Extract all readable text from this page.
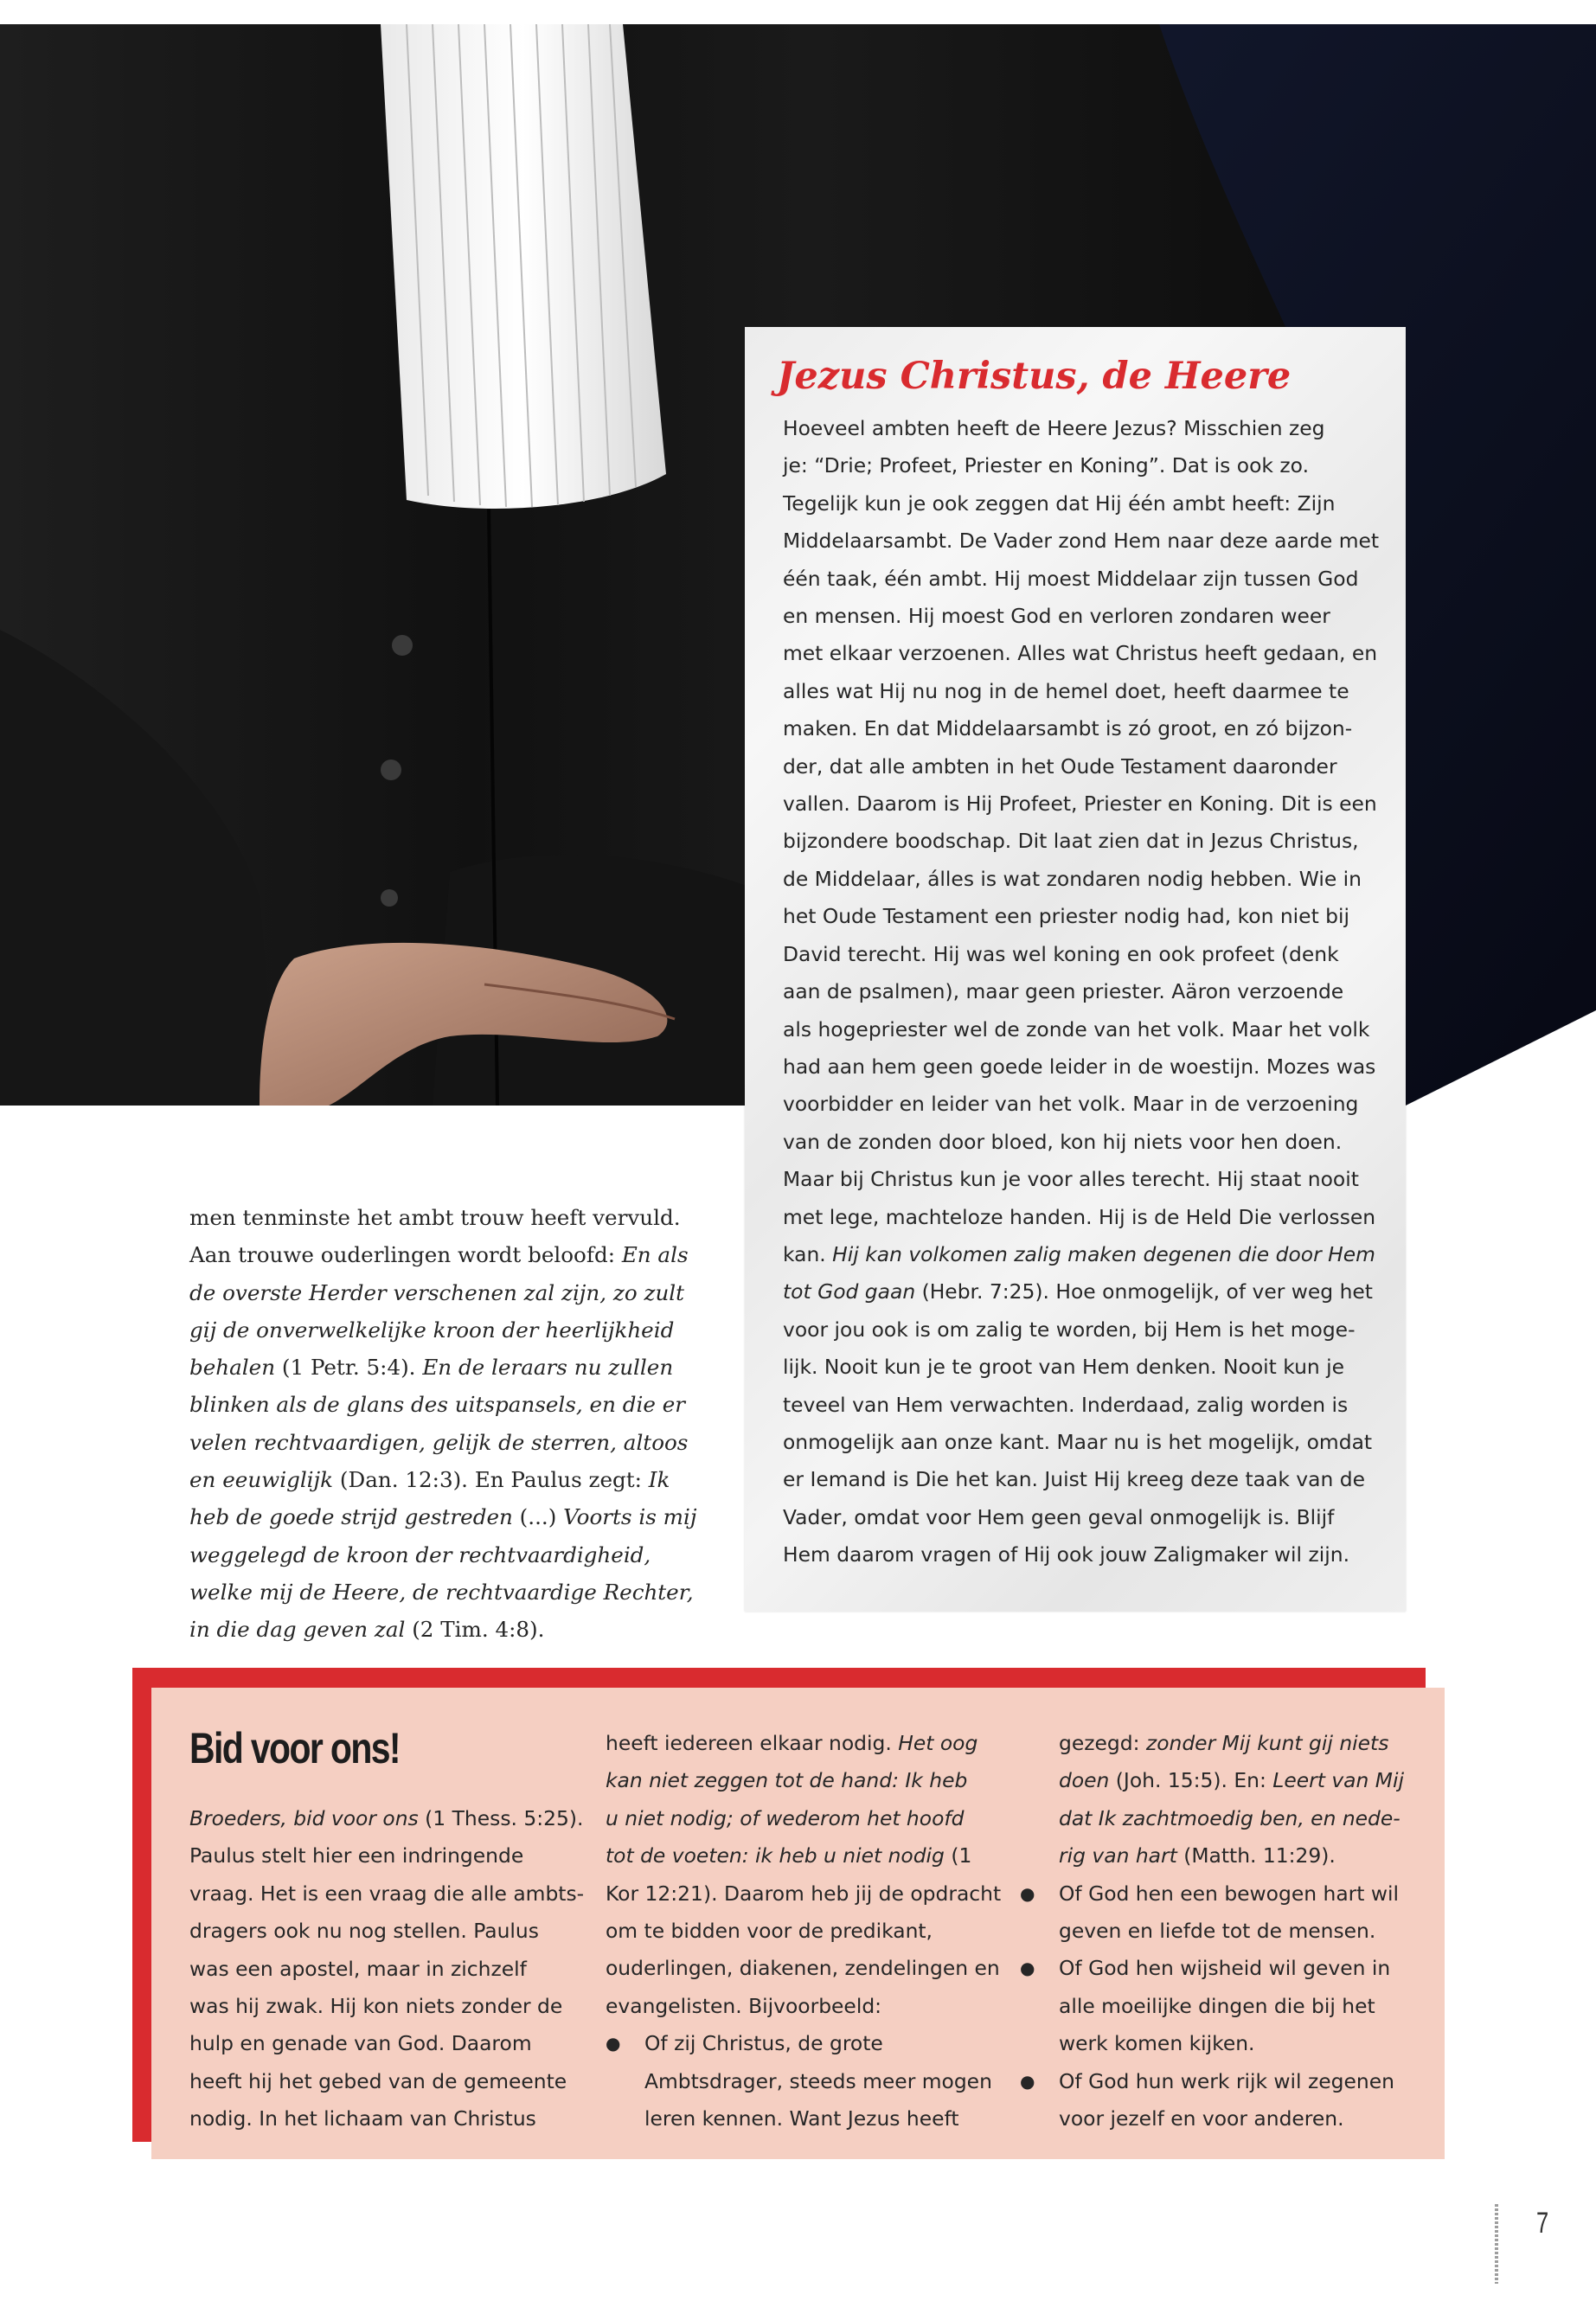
men tenminste het ambt trouw heeft vervuld.
Aan trouwe ouderlingen wordt beloofd: En als de overste Herder verschenen zal zijn, zo zult gij de onverwelkelijke kroon der heerlijkheid behalen (1 Petr. 5:4). En de leraars nu zullen blinken als de glans des uitspansels, en die er velen rechtvaardigen, gelijk de sterren, altoos en eeuwiglijk (Dan. 12:3). En Paulus zegt: Ik heb de goede strijd gestreden (...) Voorts is mij weggelegd de kroon der rechtvaardigheid, welke mij de Heere, de rechtvaardige Rechter, in die dag geven zal (2 Tim. 4:8).

Jezus Christus, de Heere
Hoeveel ambten heeft de Heere Jezus? Misschien zeg
je: “Drie; Profeet, Priester en Koning”. Dat is ook zo.
Tegelijk kun je ook zeggen dat Hij één ambt heeft: Zijn
Middelaarsambt. De Vader zond Hem naar deze aarde met
één taak, één ambt. Hij moest Middelaar zijn tussen God
en mensen. Hij moest God en verloren zondaren weer
met elkaar verzoenen. Alles wat Christus heeft gedaan, en
alles wat Hij nu nog in de hemel doet, heeft daarmee te
maken. En dat Middelaarsambt is zó groot, en zó bijzon-
der, dat alle ambten in het Oude Testament daaronder
vallen. Daarom is Hij Profeet, Priester en Koning. Dit is een
bijzondere boodschap. Dit laat zien dat in Jezus Christus,
de Middelaar, álles is wat zondaren nodig hebben. Wie in
het Oude Testament een priester nodig had, kon niet bij
David terecht. Hij was wel koning en ook profeet (denk
aan de psalmen), maar geen priester. Aäron verzoende
als hogepriester wel de zonde van het volk. Maar het volk
had aan hem geen goede leider in de woestijn. Mozes was
voorbidder en leider van het volk. Maar in de verzoening
van de zonden door bloed, kon hij niets voor hen doen.
Maar bij Christus kun je voor alles terecht. Hij staat nooit
met lege, machteloze handen. Hij is de Held Die verlossen
kan. Hij kan volkomen zalig maken degenen die door Hem
tot God gaan (Hebr. 7:25). Hoe onmogelijk, of ver weg het
voor jou ook is om zalig te worden, bij Hem is het moge-
lijk. Nooit kun je te groot van Hem denken. Nooit kun je
teveel van Hem verwachten. Inderdaad, zalig worden is
onmogelijk aan onze kant. Maar nu is het mogelijk, omdat
er Iemand is Die het kan. Juist Hij kreeg deze taak van de
Vader, omdat voor Hem geen geval onmogelijk is. Blijf
Hem daarom vragen of Hij ook jouw Zaligmaker wil zijn.
Bid voor ons!
Broeders, bid voor ons (1 Thess. 5:25).
Paulus stelt hier een indringende
vraag. Het is een vraag die alle ambts-
dragers ook nu nog stellen. Paulus
was een apostel, maar in zichzelf
was hij zwak. Hij kon niets zonder de
hulp en genade van God. Daarom
heeft hij het gebed van de gemeente
nodig. In het lichaam van Christus
heeft iedereen elkaar nodig. Het oog
kan niet zeggen tot de hand: Ik heb
u niet nodig; of wederom het hoofd
tot de voeten: ik heb u niet nodig (1
Kor 12:21). Daarom heb jij de opdracht
om te bidden voor de predikant,
ouderlingen, diakenen, zendelingen en
evangelisten. Bijvoorbeeld:
● Of zij Christus, de grote
Ambtsdrager, steeds meer mogen
leren kennen. Want Jezus heeft
gezegd: zonder Mij kunt gij niets
doen (Joh. 15:5). En: Leert van Mij
dat Ik zachtmoedig ben, en nede-
rig van hart (Matth. 11:29).
● Of God hen een bewogen hart wil
geven en liefde tot de mensen.
● Of God hen wijsheid wil geven in
alle moeilijke dingen die bij het
werk komen kijken.
● Of God hun werk rijk wil zegenen
voor jezelf en voor anderen.
7
